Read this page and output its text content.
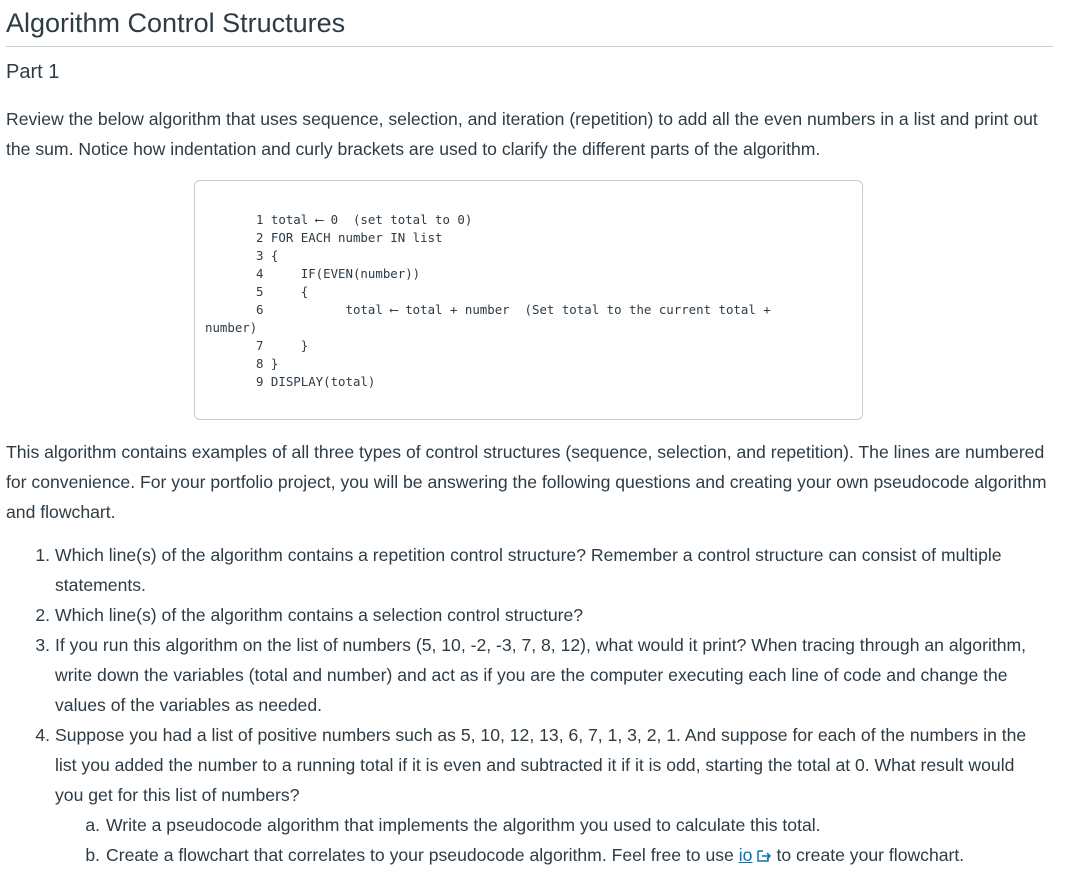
Algorithm Control Structures
Part 1

Review the below algorithm that uses sequence, selection, and iteration (repetition) to add all the even numbers in a list and print out the sum. Notice how indentation and curly brackets are used to clarify the different parts of the algorithm.

1 total ⟵ 0  (set total to 0)
2 FOR EACH number IN list
3 {
4     IF(EVEN(number))
5     {
6           total ⟵ total + number  (Set total to the current total +
number)
7     }
8 }
9 DISPLAY(total)

This algorithm contains examples of all three types of control structures (sequence, selection, and repetition). The lines are numbered for convenience. For your portfolio project, you will be answering the following questions and creating your own pseudocode algorithm and flowchart.

1. Which line(s) of the algorithm contains a repetition control structure? Remember a control structure can consist of multiple statements.
2. Which line(s) of the algorithm contains a selection control structure?
3. If you run this algorithm on the list of numbers (5, 10, -2, -3, 7, 8, 12), what would it print? When tracing through an algorithm, write down the variables (total and number) and act as if you are the computer executing each line of code and change the values of the variables as needed.
4. Suppose you had a list of positive numbers such as 5, 10, 12, 13, 6, 7, 1, 3, 2, 1. And suppose for each of the numbers in the list you added the number to a running total if it is even and subtracted it if it is odd, starting the total at 0. What result would you get for this list of numbers?
a. Write a pseudocode algorithm that implements the algorithm you used to calculate this total.
b. Create a flowchart that correlates to your pseudocode algorithm. Feel free to use io to create your flowchart.
